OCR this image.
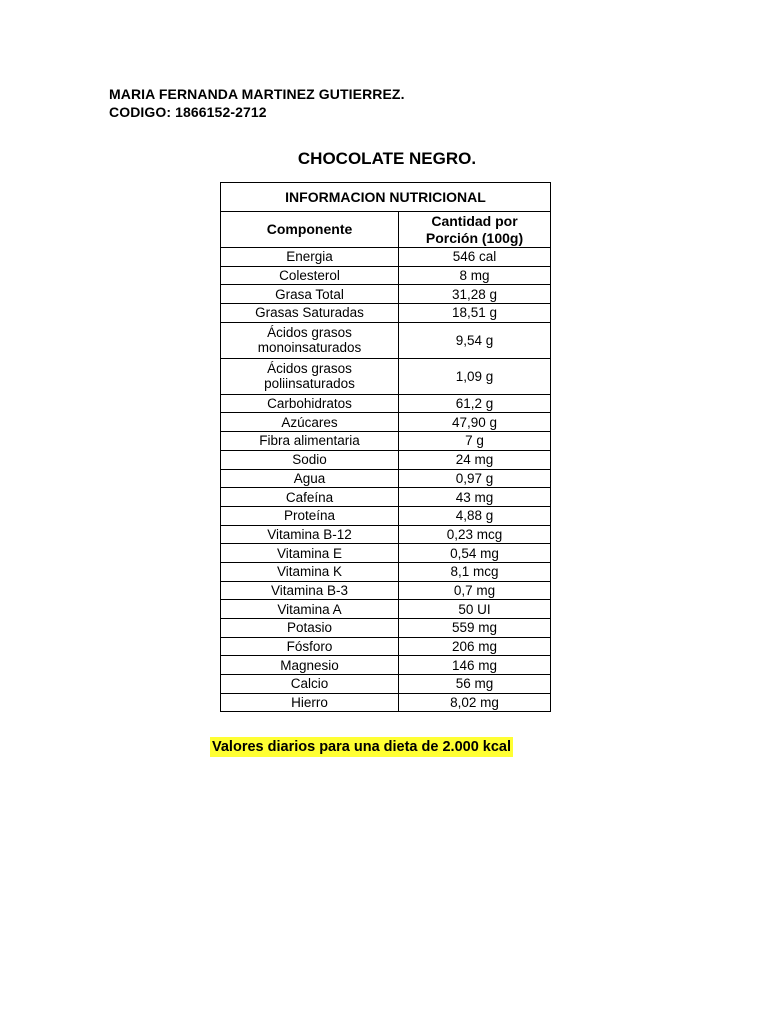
MARIA FERNANDA MARTINEZ GUTIERREZ.
CODIGO: 1866152-2712
CHOCOLATE NEGRO.
INFORMACION NUTRICIONAL	
Componente	Cantidad por
Porción (100g)

Energia	546 cal

Colesterol	8 mg

Grasa Total	31,28 g

Grasas Saturadas	18,51 g

Ácidos grasos
monoinsaturados	9,54 g

Ácidos grasos
poliinsaturados	1,09 g

Carbohidratos	61,2 g

Azúcares	47,90 g

Fibra alimentaria	7 g

Sodio	24 mg

Agua	0,97 g

Cafeína	43 mg

Proteína	4,88 g

Vitamina B-12	0,23 mcg

Vitamina E	0,54 mg

Vitamina K	8,1 mcg

Vitamina B-3	0,7 mg

Vitamina A	50 UI

Potasio	559 mg

Fósforo	206 mg

Magnesio	146 mg

Calcio	56 mg

Hierro	8,02 mg
Valores diarios para una dieta de 2.000 kcal
